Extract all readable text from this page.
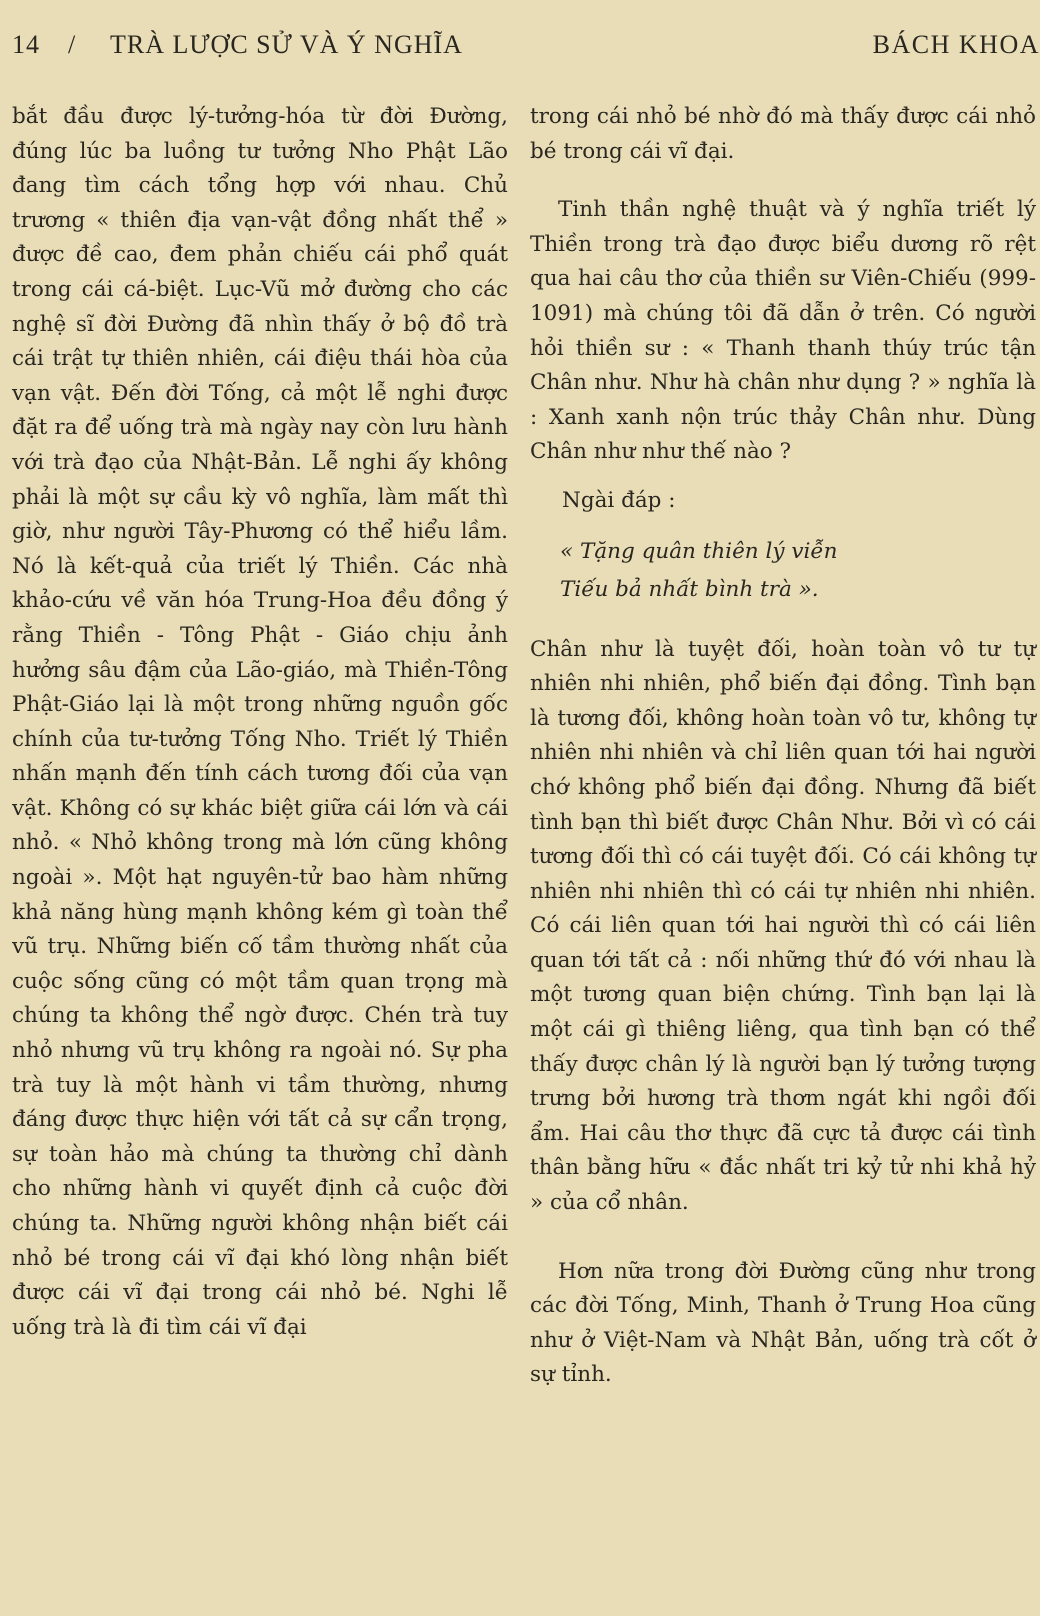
14	/	TRÀ LƯỢC SỬ VÀ Ý NGHĨA	BÁCH KHOA

bắt đầu được lý-tưởng-hóa từ đời Đường, đúng lúc ba luồng tư tưởng Nho Phật Lão đang tìm cách tổng hợp với nhau. Chủ trương « thiên địa vạn-vật đồng nhất thể » được đề cao, đem phản chiếu cái phổ quát trong cái cá-biệt. Lục-Vũ mở đường cho các nghệ sĩ đời Đường đã nhìn thấy ở bộ đồ trà cái trật tự thiên nhiên, cái điệu thái hòa của vạn vật. Đến đời Tống, cả một lễ nghi được đặt ra để uống trà mà ngày nay còn lưu hành với trà đạo của Nhật-Bản. Lễ nghi ấy không phải là một sự cầu kỳ vô nghĩa, làm mất thì giờ, như người Tây-Phương có thể hiểu lầm. Nó là kết-quả của triết lý Thiền. Các nhà khảo-cứu về văn hóa Trung-Hoa đều đồng ý rằng Thiền - Tông Phật - Giáo chịu ảnh hưởng sâu đậm của Lão-giáo, mà Thiền-Tông Phật-Giáo lại là một trong những nguồn gốc chính của tư-tưởng Tống Nho. Triết lý Thiền nhấn mạnh đến tính cách tương đối của vạn vật. Không có sự khác biệt giữa cái lớn và cái nhỏ. « Nhỏ không trong mà lớn cũng không ngoài ». Một hạt nguyên-tử bao hàm những khả năng hùng mạnh không kém gì toàn thể vũ trụ. Những biến cố tầm thường nhất của cuộc sống cũng có một tầm quan trọng mà chúng ta không thể ngờ được. Chén trà tuy nhỏ nhưng vũ trụ không ra ngoài nó. Sự pha trà tuy là một hành vi tầm thường, nhưng đáng được thực hiện với tất cả sự cẩn trọng, sự toàn hảo mà chúng ta thường chỉ dành cho những hành vi quyết định cả cuộc đời chúng ta. Những người không nhận biết cái nhỏ bé trong cái vĩ đại khó lòng nhận biết được cái vĩ đại trong cái nhỏ bé. Nghi lễ uống trà là đi tìm cái vĩ đại

trong cái nhỏ bé nhờ đó mà thấy được cái nhỏ bé trong cái vĩ đại.

Tinh thần nghệ thuật và ý nghĩa triết lý Thiền trong trà đạo được biểu dương rõ rệt qua hai câu thơ của thiền sư Viên-Chiếu (999-1091) mà chúng tôi đã dẫn ở trên. Có người hỏi thiền sư : « Thanh thanh thúy trúc tận Chân như. Như hà chân như dụng ? » nghĩa là : Xanh xanh nộn trúc thảy Chân như. Dùng Chân như như thế nào ?

Ngài đáp :

« Tặng quân thiên lý viễn
Tiếu bả nhất bình trà ».

Chân như là tuyệt đối, hoàn toàn vô tư tự nhiên nhi nhiên, phổ biến đại đồng. Tình bạn là tương đối, không hoàn toàn vô tư, không tự nhiên nhi nhiên và chỉ liên quan tới hai người chớ không phổ biến đại đồng. Nhưng đã biết tình bạn thì biết được Chân Như. Bởi vì có cái tương đối thì có cái tuyệt đối. Có cái không tự nhiên nhi nhiên thì có cái tự nhiên nhi nhiên. Có cái liên quan tới hai người thì có cái liên quan tới tất cả : nối những thứ đó với nhau là một tương quan biện chứng. Tình bạn lại là một cái gì thiêng liêng, qua tình bạn có thể thấy được chân lý là người bạn lý tưởng tượng trưng bởi hương trà thơm ngát khi ngồi đối ẩm. Hai câu thơ thực đã cực tả được cái tình thân bằng hữu « đắc nhất tri kỷ tử nhi khả hỷ » của cổ nhân.

Hơn nữa trong đời Đường cũng như trong các đời Tống, Minh, Thanh ở Trung Hoa cũng như ở Việt-Nam và Nhật Bản, uống trà cốt ở sự tỉnh.
